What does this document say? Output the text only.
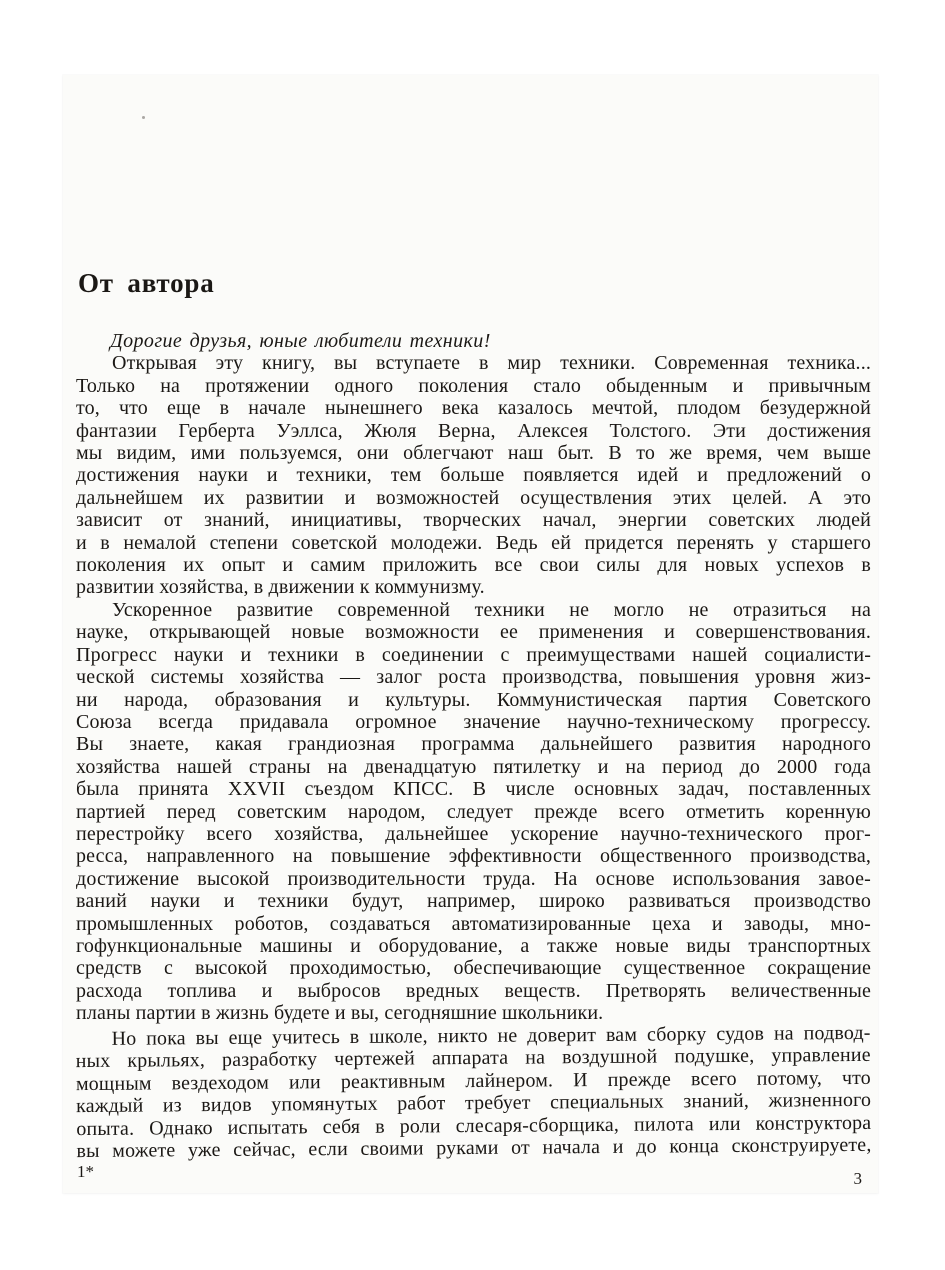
От автора

Дорогие друзья, юные любители техники!

Открывая эту книгу, вы вступаете в мир техники. Современная техника...
Только на протяжении одного поколения стало обыденным и привычным
то, что еще в начале нынешнего века казалось мечтой, плодом безудержной
фантазии Герберта Уэллса, Жюля Верна, Алексея Толстого. Эти достижения
мы видим, ими пользуемся, они облегчают наш быт. В то же время, чем выше
достижения науки и техники, тем больше появляется идей и предложений о
дальнейшем их развитии и возможностей осуществления этих целей. А это
зависит от знаний, инициативы, творческих начал, энергии советских людей
и в немалой степени советской молодежи. Ведь ей придется перенять у старшего
поколения их опыт и самим приложить все свои силы для новых успехов в
развитии хозяйства, в движении к коммунизму.
Ускоренное развитие современной техники не могло не отразиться на
науке, открывающей новые возможности ее применения и совершенствования.
Прогресс науки и техники в соединении с преимуществами нашей социалисти-
ческой системы хозяйства — залог роста производства, повышения уровня жиз-
ни народа, образования и культуры. Коммунистическая партия Советского
Союза всегда придавала огромное значение научно-техническому прогрессу.
Вы знаете, какая грандиозная программа дальнейшего развития народного
хозяйства нашей страны на двенадцатую пятилетку и на период до 2000 года
была принята XXVII съездом КПСС. В числе основных задач, поставленных
партией перед советским народом, следует прежде всего отметить коренную
перестройку всего хозяйства, дальнейшее ускорение научно-технического прог-
ресса, направленного на повышение эффективности общественного производства,
достижение высокой производительности труда. На основе использования завое-
ваний науки и техники будут, например, широко развиваться производство
промышленных роботов, создаваться автоматизированные цеха и заводы, мно-
гофункциональные машины и оборудование, а также новые виды транспортных
средств с высокой проходимостью, обеспечивающие существенное сокращение
расхода топлива и выбросов вредных веществ. Претворять величественные
планы партии в жизнь будете и вы, сегодняшние школьники.
Но пока вы еще учитесь в школе, никто не доверит вам сборку судов на подвод-
ных крыльях, разработку чертежей аппарата на воздушной подушке, управление
мощным вездеходом или реактивным лайнером. И прежде всего потому, что
каждый из видов упомянутых работ требует специальных знаний, жизненного
опыта. Однако испытать себя в роли слесаря-сборщика, пилота или конструктора
вы можете уже сейчас, если своими руками от начала и до конца сконструируете,
1*	3
